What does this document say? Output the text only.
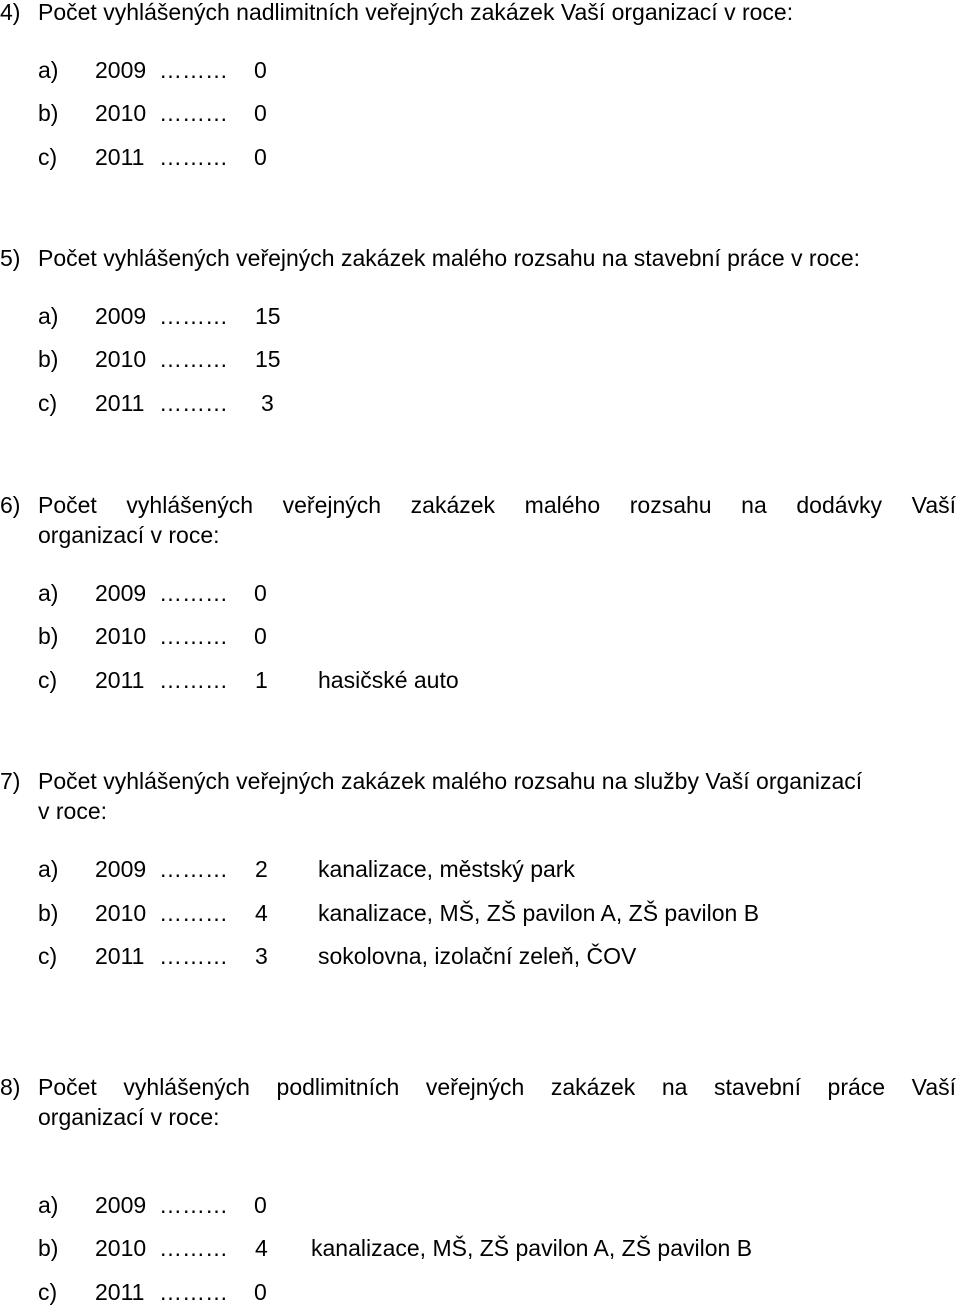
4) Počet vyhlášených nadlimitních veřejných zakázek Vaší organizací v roce:
a) 2009 ……… 0
b) 2010 ……… 0
c) 2011 ……… 0
5) Počet vyhlášených veřejných zakázek malého rozsahu na stavební práce v roce:
a) 2009 ……… 15
b) 2010 ……… 15
c) 2011 ……… 3
6) Počet vyhlášených veřejných zakázek malého rozsahu na dodávky Vaší
organizací v roce:
a) 2009 ……… 0
b) 2010 ……… 0
c) 2011 ……… 1 hasičské auto
7) Počet vyhlášených veřejných zakázek malého rozsahu na služby Vaší organizací
v roce:
a) 2009 ……… 2 kanalizace, městský park
b) 2010 ……… 4 kanalizace, MŠ, ZŠ pavilon A, ZŠ pavilon B
c) 2011 ……… 3 sokolovna, izolační zeleň, ČOV
8) Počet vyhlášených podlimitních veřejných zakázek na stavební práce Vaší
organizací v roce:
a) 2009 ……… 0
b) 2010 ……… 4 kanalizace, MŠ, ZŠ pavilon A, ZŠ pavilon B
c) 2011 ……… 0
